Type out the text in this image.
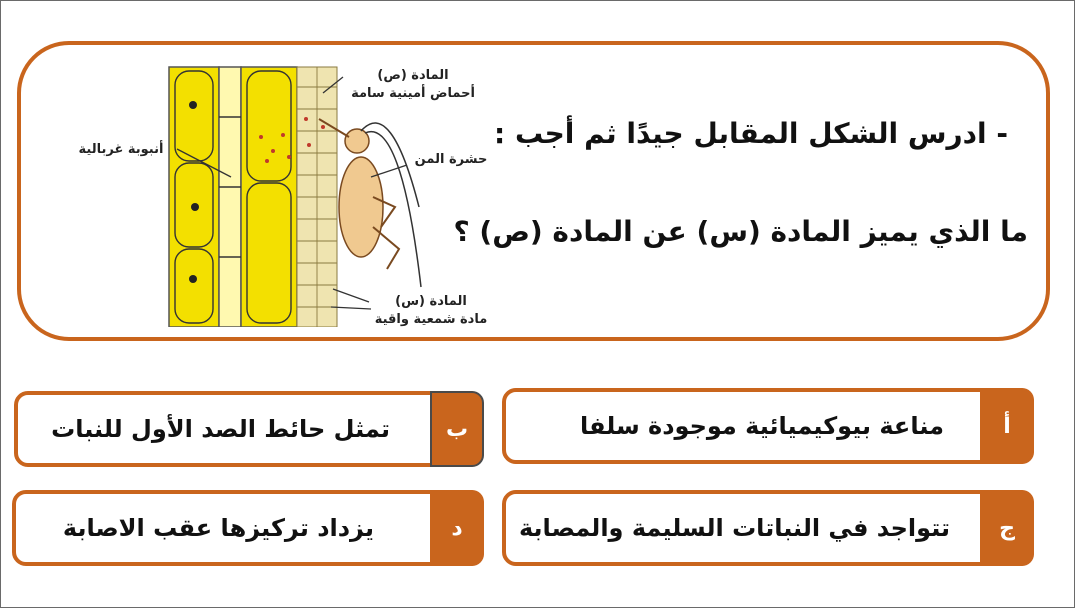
المادة (ص)
أحماض أمينية سامة
أنبوبة غربالية
حشرة المن
المادة (س)
مادة شمعية واقية
- ادرس الشكل المقابل جيدًا ثم أجب :
ما الذي يميز المادة (س) عن المادة (ص) ؟
أ
مناعة بيوكيميائية موجودة سلفا
ب
تمثل حائط الصد الأول للنبات
ج
تتواجد في النباتات السليمة والمصابة
د
يزداد تركيزها عقب الاصابة
